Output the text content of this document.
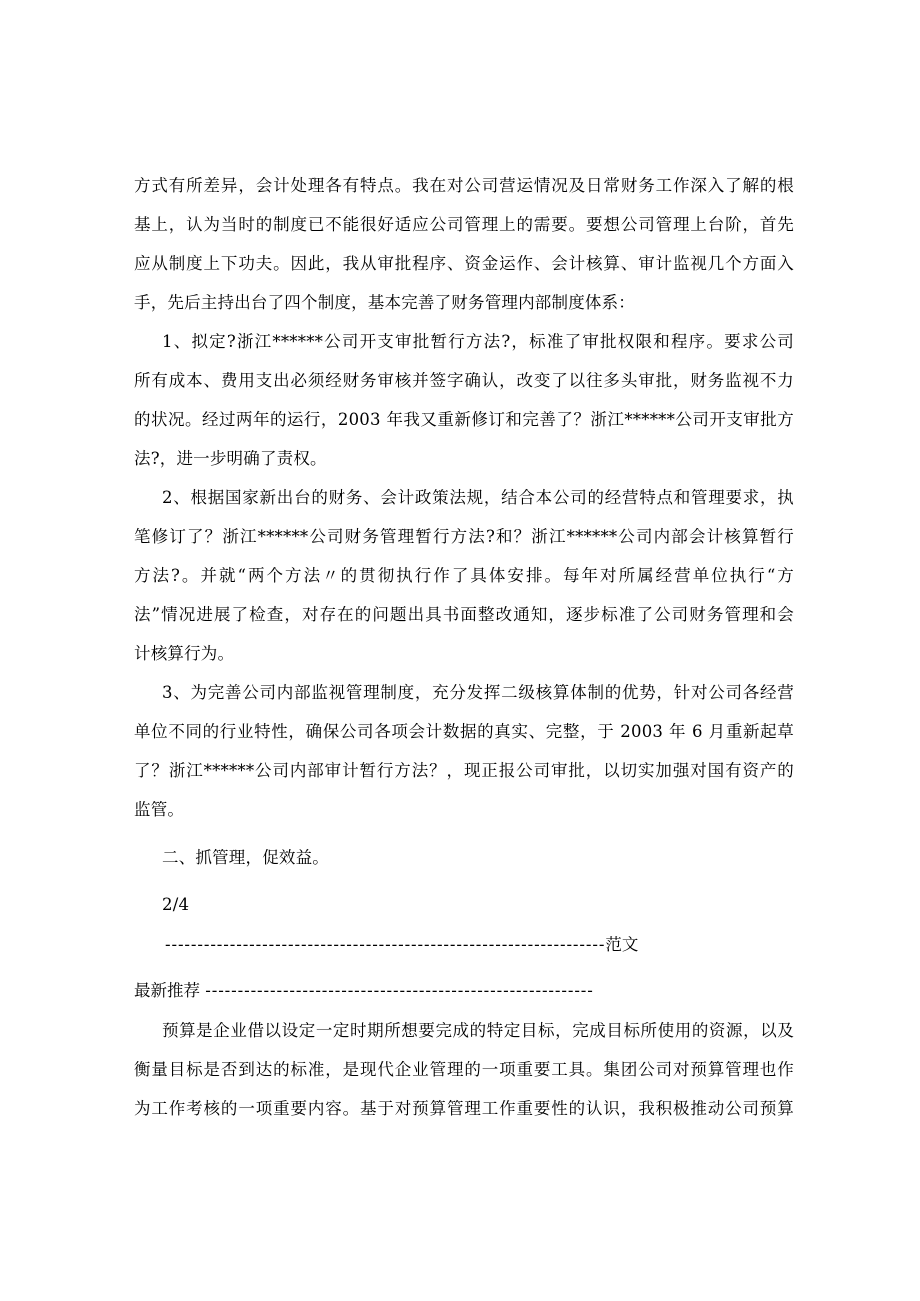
方式有所差异，会计处理各有特点。我在对公司营运情况及日常财务工作深入了解的根
基上，认为当时的制度已不能很好适应公司管理上的需要。要想公司管理上台阶，首先
应从制度上下功夫。因此，我从审批程序、资金运作、会计核算、审计监视几个方面入
手，先后主持出台了四个制度，基本完善了财务管理内部制度体系：
1、拟定?浙江******公司开支审批暂行方法?，标准了审批权限和程序。要求公司
所有成本、费用支出必须经财务审核并签字确认，改变了以往多头审批，财务监视不力
的状况。经过两年的运行，2003 年我又重新修订和完善了？浙江******公司开支审批方
法?，进一步明确了责权。
2、根据国家新出台的财务、会计政策法规，结合本公司的经营特点和管理要求，执
笔修订了？浙江******公司财务管理暂行方法?和？浙江******公司内部会计核算暂行
方法?。并就“两个方法〃的贯彻执行作了具体安排。每年对所属经营单位执行“方
法”情况进展了检查，对存在的问题出具书面整改通知，逐步标准了公司财务管理和会
计核算行为。
3、为完善公司内部监视管理制度，充分发挥二级核算体制的优势，针对公司各经营
单位不同的行业特性，确保公司各项会计数据的真实、完整，于 2003 年 6 月重新起草
了？浙江******公司内部审计暂行方法？，现正报公司审批，以切实加强对国有资产的
监管。
二、抓管理，促效益。
2/4
--------------------------------------------------------------------范文
最新推荐 ------------------------------------------------------------
预算是企业借以设定一定时期所想要完成的特定目标，完成目标所使用的资源，以及
衡量目标是否到达的标准，是现代企业管理的一项重要工具。集团公司对预算管理也作
为工作考核的一项重要内容。基于对预算管理工作重要性的认识，我积极推动公司预算
